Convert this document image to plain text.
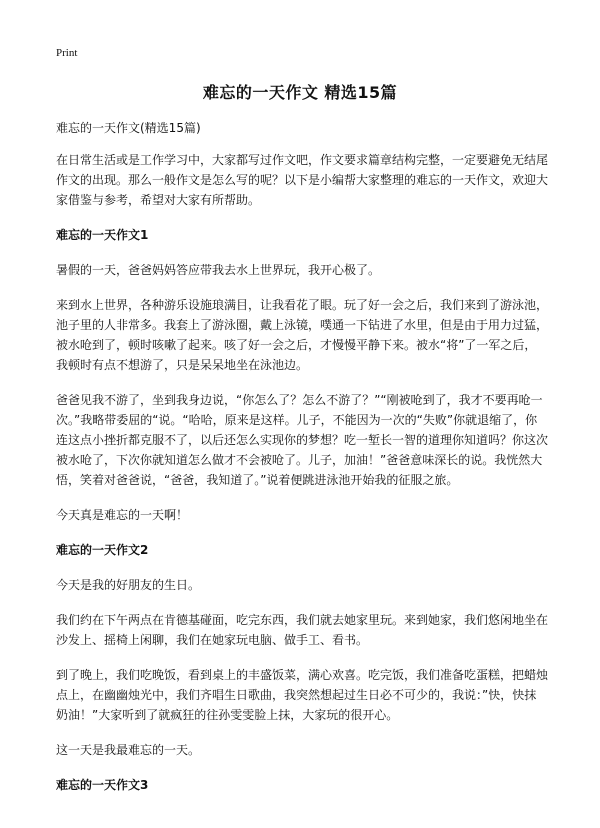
Print
难忘的一天作文 精选15篇

难忘的一天作文(精选15篇)

在日常生活或是工作学习中，大家都写过作文吧，作文要求篇章结构完整，一定要避免无结尾作文的出现。那么一般作文是怎么写的呢？以下是小编帮大家整理的难忘的一天作文，欢迎大家借鉴与参考，希望对大家有所帮助。

难忘的一天作文1

暑假的一天，爸爸妈妈答应带我去水上世界玩，我开心极了。

来到水上世界，各种游乐设施琅满目，让我看花了眼。玩了好一会之后，我们来到了游泳池，池子里的人非常多。我套上了游泳圈，戴上泳镜，噗通一下钻进了水里，但是由于用力过猛，被水呛到了，顿时咳嗽了起来。咳了好一会之后，才慢慢平静下来。被水“将”了一军之后，我顿时有点不想游了，只是呆呆地坐在泳池边。

爸爸见我不游了，坐到我身边说，“你怎么了？怎么不游了？”“刚被呛到了，我才不要再呛一次。”我略带委屈的“说。“哈哈，原来是这样。儿子，不能因为一次的“失败”你就退缩了，你连这点小挫折都克服不了，以后还怎么实现你的梦想？吃一堑长一智的道理你知道吗？你这次被水呛了，下次你就知道怎么做才不会被呛了。儿子，加油！”爸爸意味深长的说。我恍然大悟，笑着对爸爸说，“爸爸，我知道了。”说着便跳进泳池开始我的征服之旅。

今天真是难忘的一天啊！

难忘的一天作文2

今天是我的好朋友的生日。

我们约在下午两点在肯德基碰面，吃完东西，我们就去她家里玩。来到她家，我们悠闲地坐在沙发上、摇椅上闲聊，我们在她家玩电脑、做手工、看书。

到了晚上，我们吃晚饭，看到桌上的丰盛饭菜，满心欢喜。吃完饭，我们准备吃蛋糕，把蜡烛点上，在幽幽烛光中，我们齐唱生日歌曲，我突然想起过生日必不可少的，我说：”快，快抹奶油！”大家听到了就疯狂的往孙雯雯脸上抹，大家玩的很开心。

这一天是我最难忘的一天。

难忘的一天作文3
